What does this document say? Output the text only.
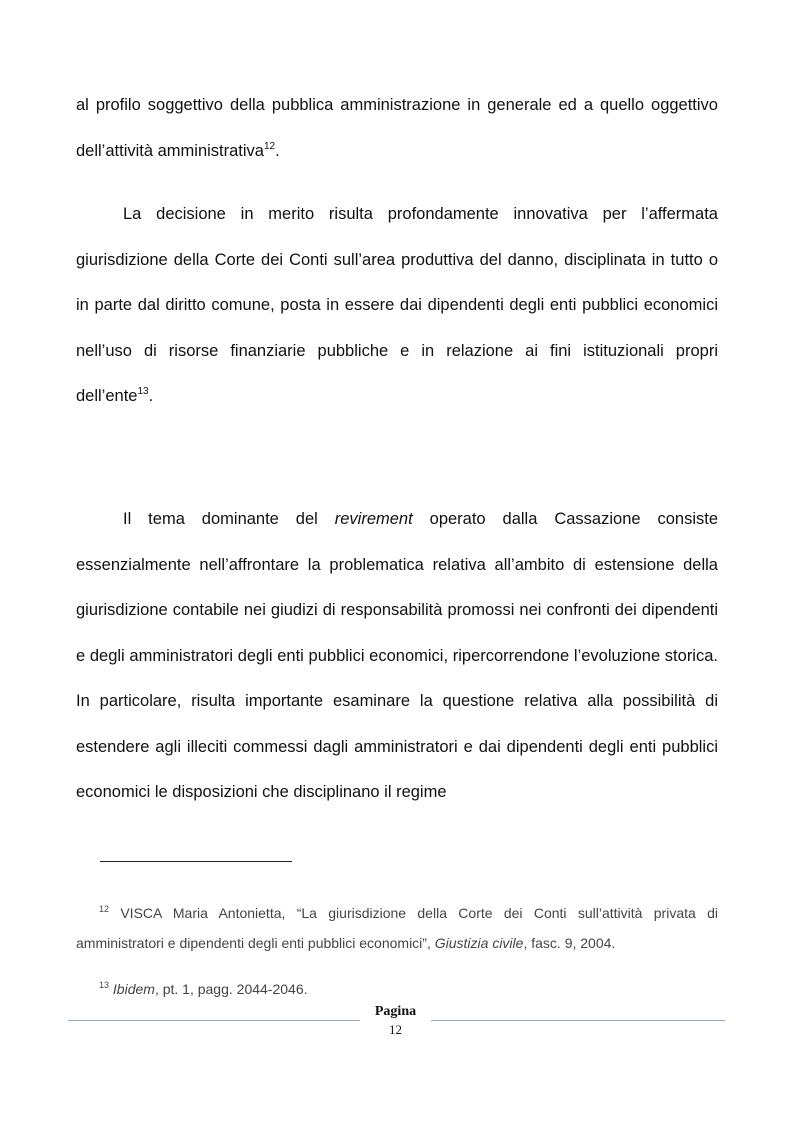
al profilo soggettivo della pubblica amministrazione in generale ed a quello oggettivo dell’attività amministrativa$^{12}$.

La decisione in merito risulta profondamente innovativa per l’affermata giurisdizione della Corte dei Conti sull’area produttiva del danno, disciplinata in tutto o in parte dal diritto comune, posta in essere dai dipendenti degli enti pubblici economici nell’uso di risorse finanziarie pubbliche e in relazione ai fini istituzionali propri dell’ente$^{13}$.

Il tema dominante del revirement operato dalla Cassazione consiste essenzialmente nell’affrontare la problematica relativa all’ambito di estensione della giurisdizione contabile nei giudizi di responsabilità promossi nei confronti dei dipendenti e degli amministratori degli enti pubblici economici, ripercorrendone l’evoluzione storica. In particolare, risulta importante esaminare la questione relativa alla possibilità di estendere agli illeciti commessi dagli amministratori e dai dipendenti degli enti pubblici economici le disposizioni che disciplinano il regime

$^{12}$ VISCA Maria Antonietta, “La giurisdizione della Corte dei Conti sull’attività privata di amministratori e dipendenti degli enti pubblici economici”, Giustizia civile, fasc. 9, 2004.

$^{13}$ Ibidem, pt. 1, pagg. 2044-2046.

Pagina
12
